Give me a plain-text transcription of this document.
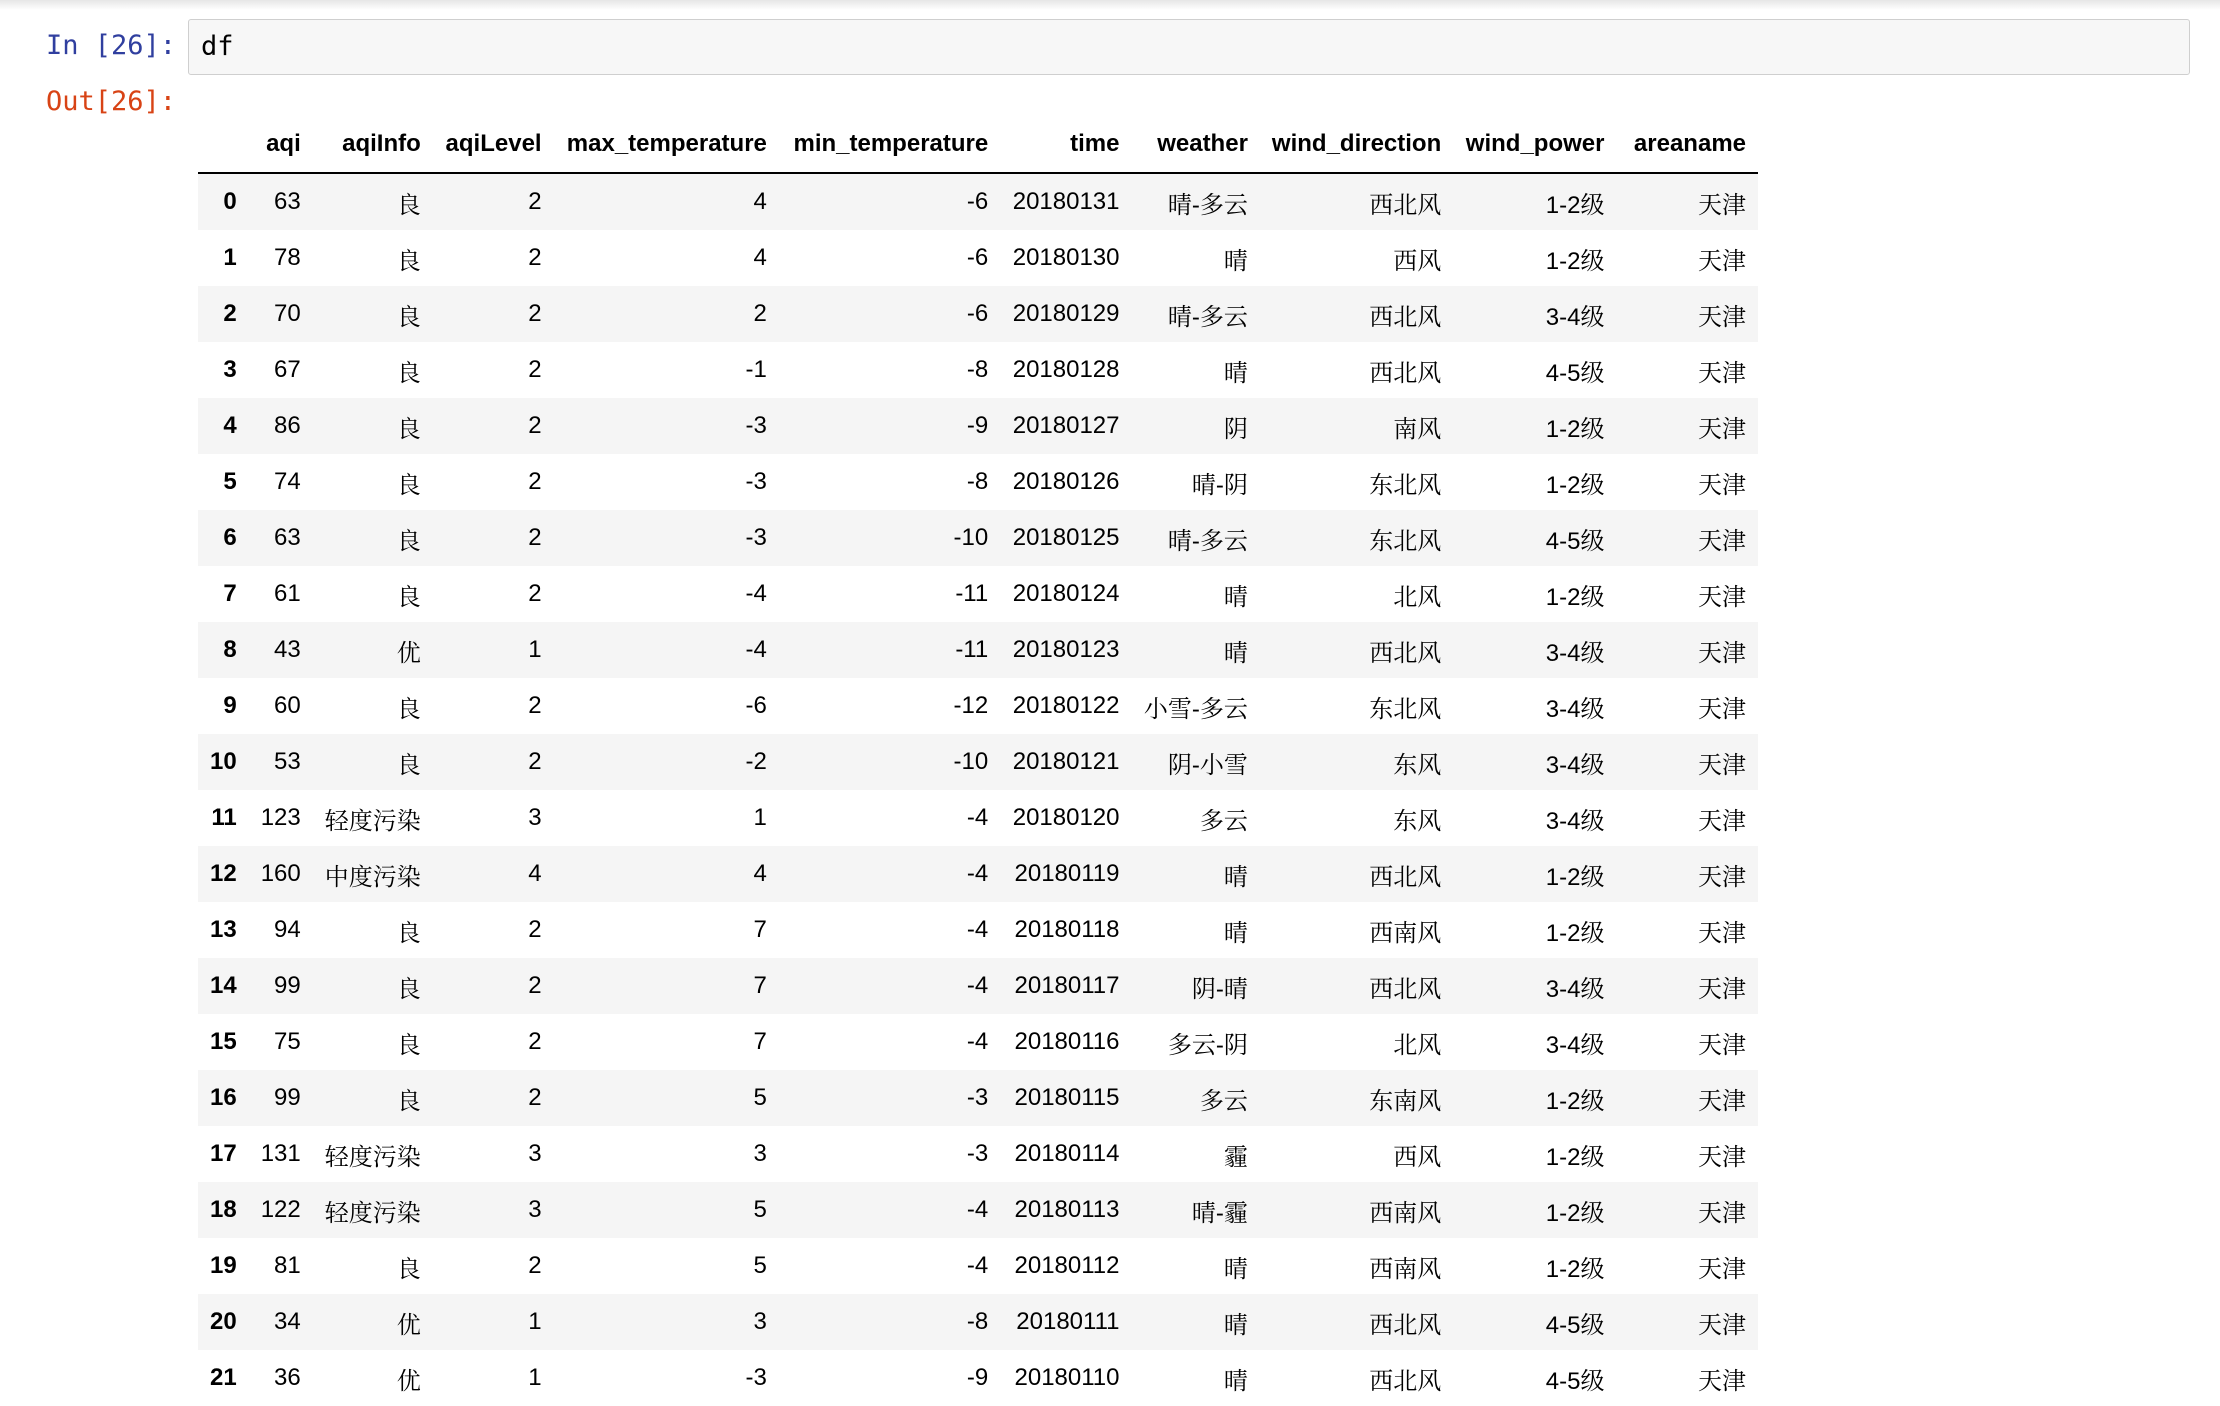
In [26]: df
Out[26]:
	aqi	aqiInfo	aqiLevel	max_temperature	min_temperature	time	weather	wind_direction	wind_power	areaname
0	63	良	2	4	-6	20180131	晴-多云	西北风	1-2级	天津
1	78	良	2	4	-6	20180130	晴	西风	1-2级	天津
2	70	良	2	2	-6	20180129	晴-多云	西北风	3-4级	天津
3	67	良	2	-1	-8	20180128	晴	西北风	4-5级	天津
4	86	良	2	-3	-9	20180127	阴	南风	1-2级	天津
5	74	良	2	-3	-8	20180126	晴-阴	东北风	1-2级	天津
6	63	良	2	-3	-10	20180125	晴-多云	东北风	4-5级	天津
7	61	良	2	-4	-11	20180124	晴	北风	1-2级	天津
8	43	优	1	-4	-11	20180123	晴	西北风	3-4级	天津
9	60	良	2	-6	-12	20180122	小雪-多云	东北风	3-4级	天津
10	53	良	2	-2	-10	20180121	阴-小雪	东风	3-4级	天津
11	123	轻度污染	3	1	-4	20180120	多云	东风	3-4级	天津
12	160	中度污染	4	4	-4	20180119	晴	西北风	1-2级	天津
13	94	良	2	7	-4	20180118	晴	西南风	1-2级	天津
14	99	良	2	7	-4	20180117	阴-晴	西北风	3-4级	天津
15	75	良	2	7	-4	20180116	多云-阴	北风	3-4级	天津
16	99	良	2	5	-3	20180115	多云	东南风	1-2级	天津
17	131	轻度污染	3	3	-3	20180114	霾	西风	1-2级	天津
18	122	轻度污染	3	5	-4	20180113	晴-霾	西南风	1-2级	天津
19	81	良	2	5	-4	20180112	晴	西南风	1-2级	天津
20	34	优	1	3	-8	20180111	晴	西北风	4-5级	天津
21	36	优	1	-3	-9	20180110	晴	西北风	4-5级	天津
